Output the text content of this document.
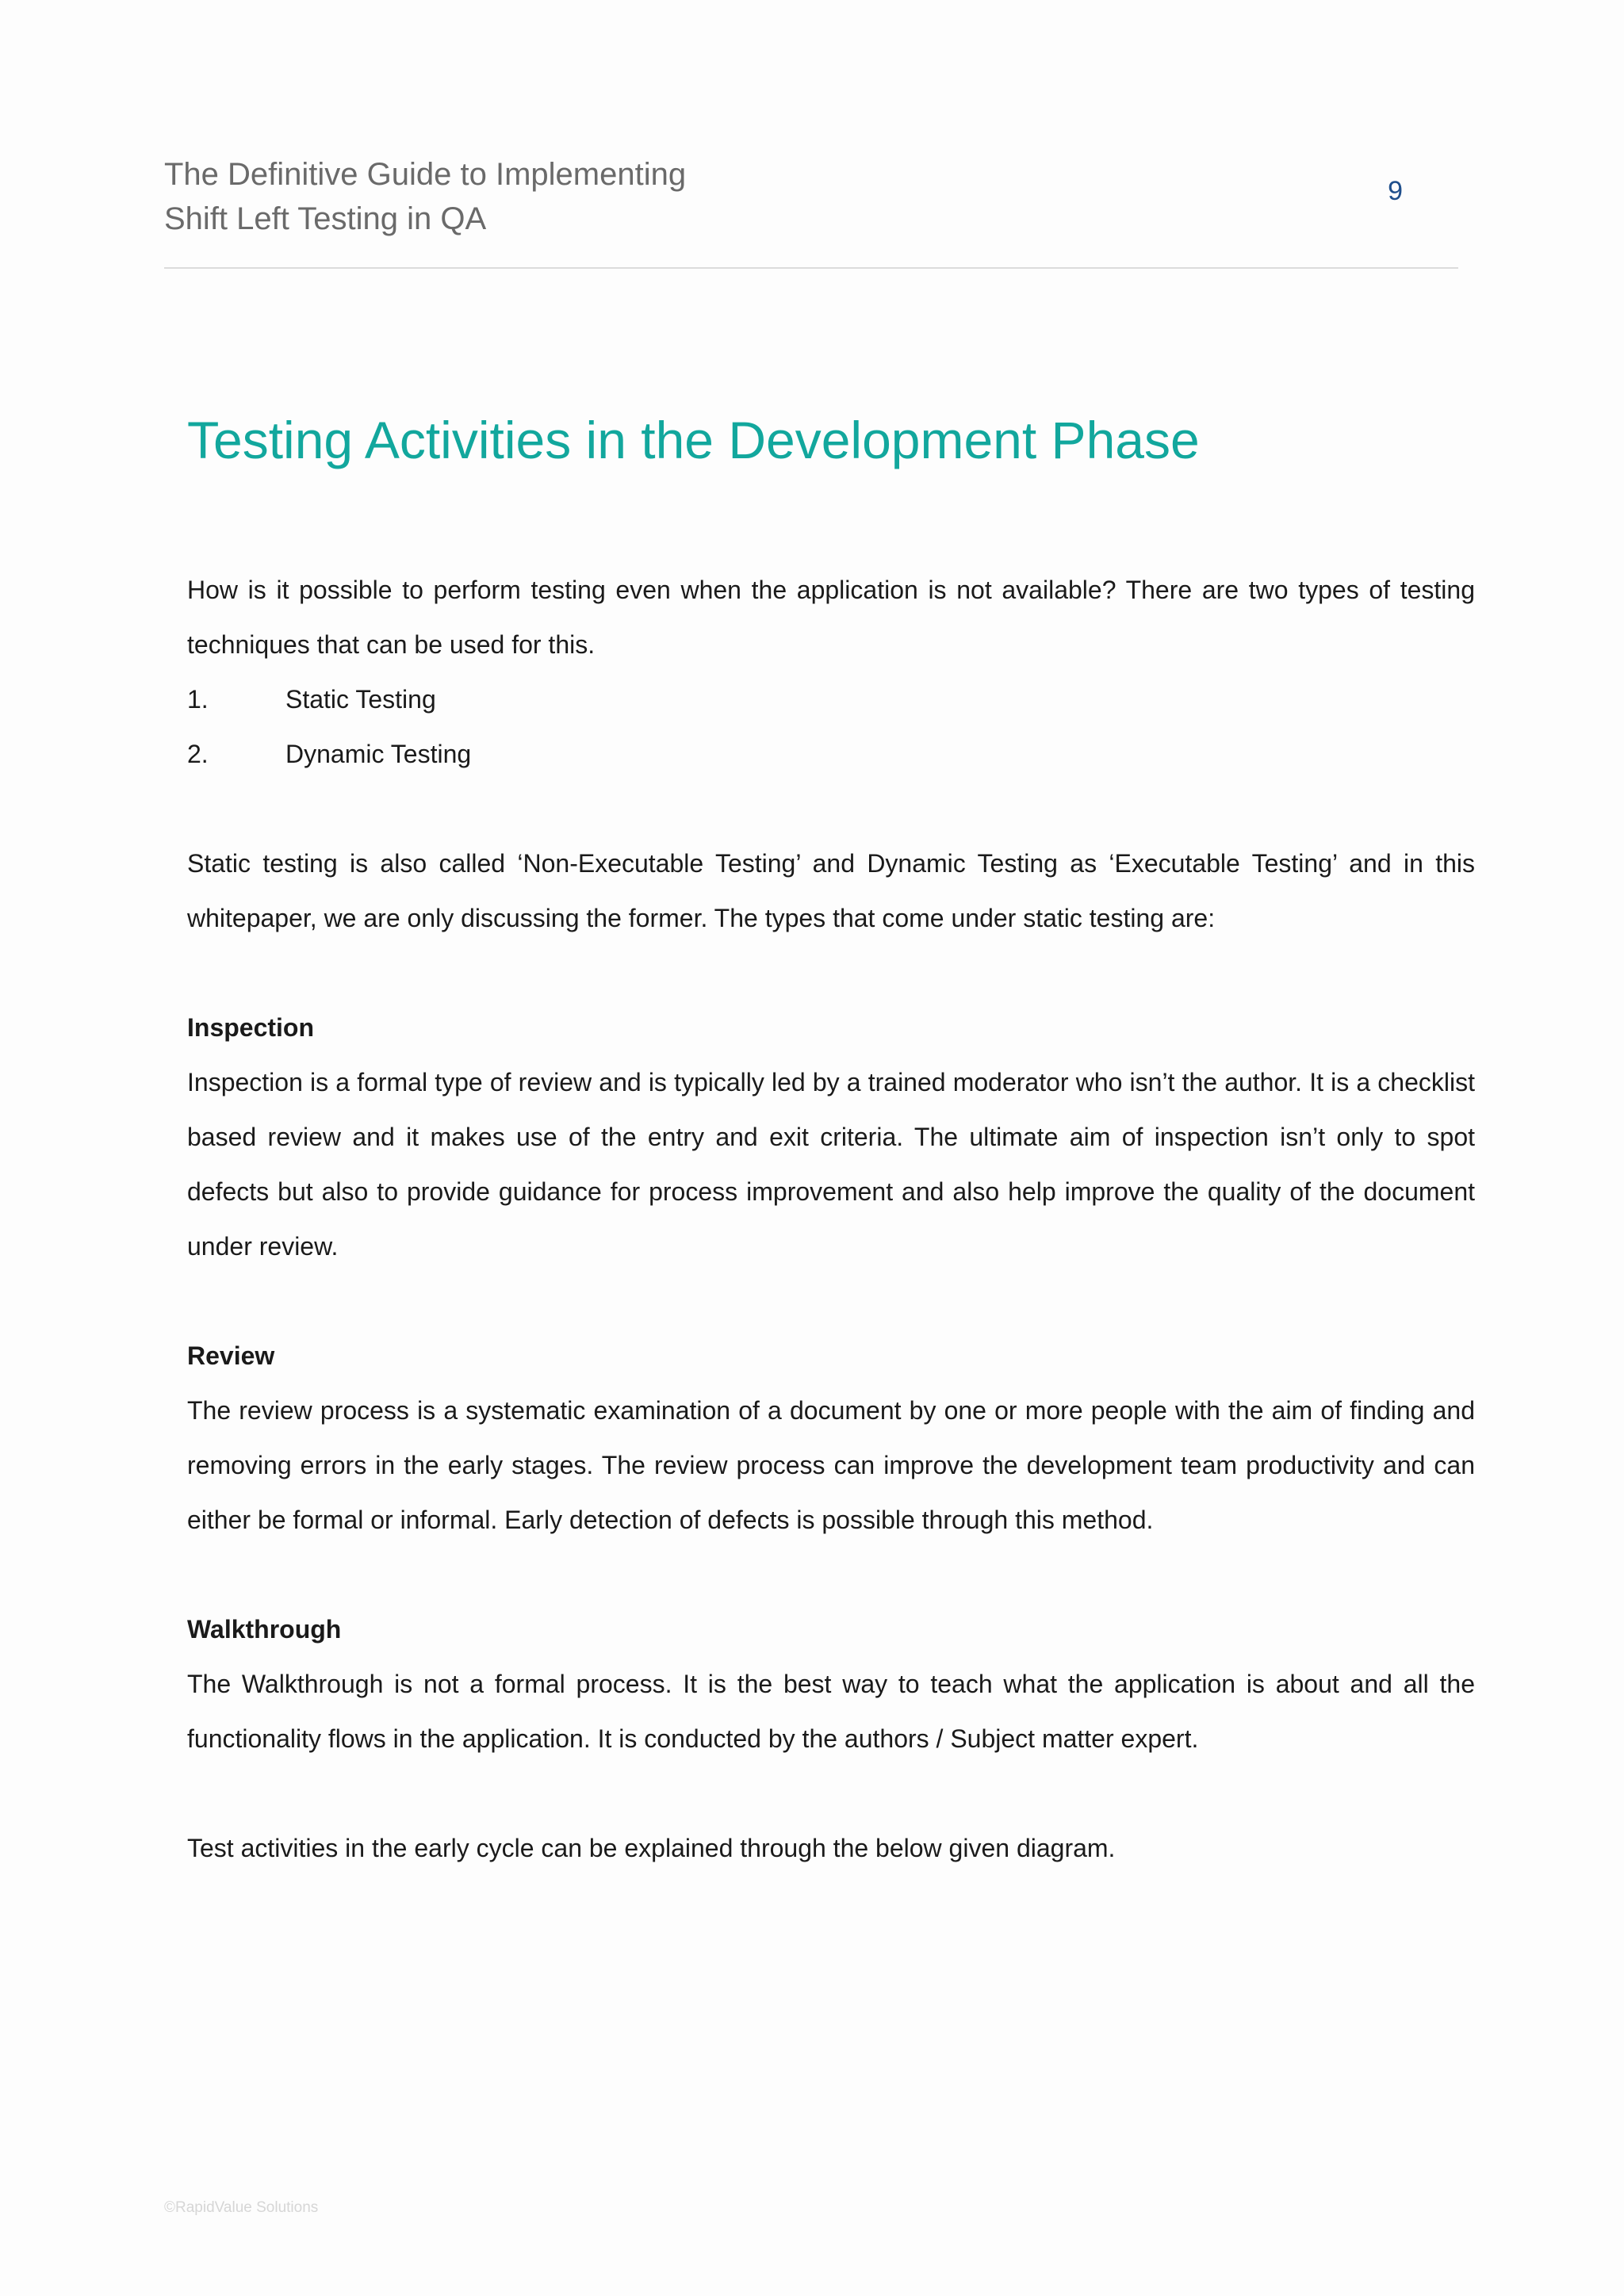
The Definitive Guide to Implementing
Shift Left Testing in QA

9
Testing Activities in the Development Phase

How is it possible to perform testing even when the application is not available? There are two types of testing techniques that can be used for this.

1.	Static Testing
2.	Dynamic Testing

Static testing is also called ‘Non-Executable Testing’ and Dynamic Testing as ‘Executable Testing’ and in this whitepaper, we are only discussing the former. The types that come under static testing are:

Inspection

Inspection is a formal type of review and is typically led by a trained moderator who isn’t the author. It is a checklist based review and it makes use of the entry and exit criteria. The ultimate aim of inspection isn’t only to spot defects but also to provide guidance for process improvement and also help improve the quality of the document under review.

Review

The review process is a systematic examination of a document by one or more people with the aim of finding and removing errors in the early stages. The review process can improve the development team productivity and can either be formal or informal. Early detection of defects is possible through this method.

Walkthrough

The Walkthrough is not a formal process. It is the best way to teach what the application is about and all the functionality flows in the application. It is conducted by the authors / Subject matter expert.

Test activities in the early cycle can be explained through the below given diagram.

©RapidValue Solutions
